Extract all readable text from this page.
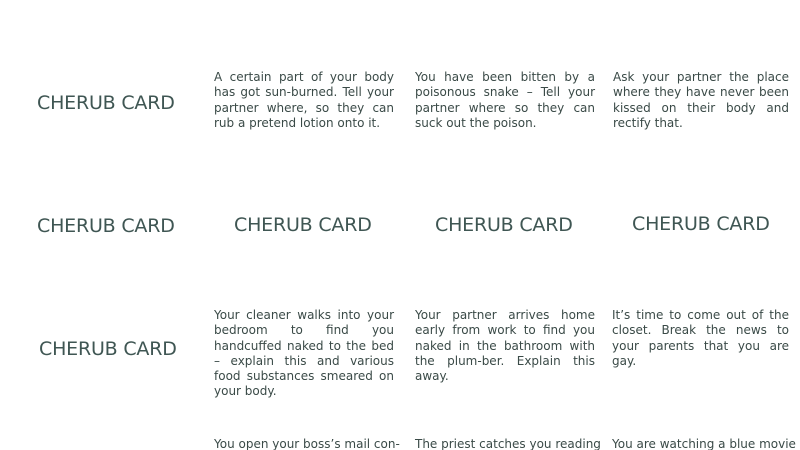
CHERUB CARD

A certain part of your body has got sun-burned. Tell your partner where, so they can rub a pretend lotion onto it.

You have been bitten by a poisonous snake – Tell your partner where so they can suck out the poison.

Ask your partner the place where they have never been kissed on their body and rectify that.

CHERUB CARD	CHERUB CARD	CHERUB CARD	CHERUB CARD
CHERUB CARD

Your cleaner walks into your bedroom to find you handcuffed naked to the bed – explain this and various food substances smeared on your body.

Your partner arrives home early from work to find you naked in the bathroom with the plum-ber. Explain this away.

It’s time to come out of the closet. Break the news to your parents that you are gay.

You open your boss’s mail con-	The priest catches you reading You are watching a blue movie
